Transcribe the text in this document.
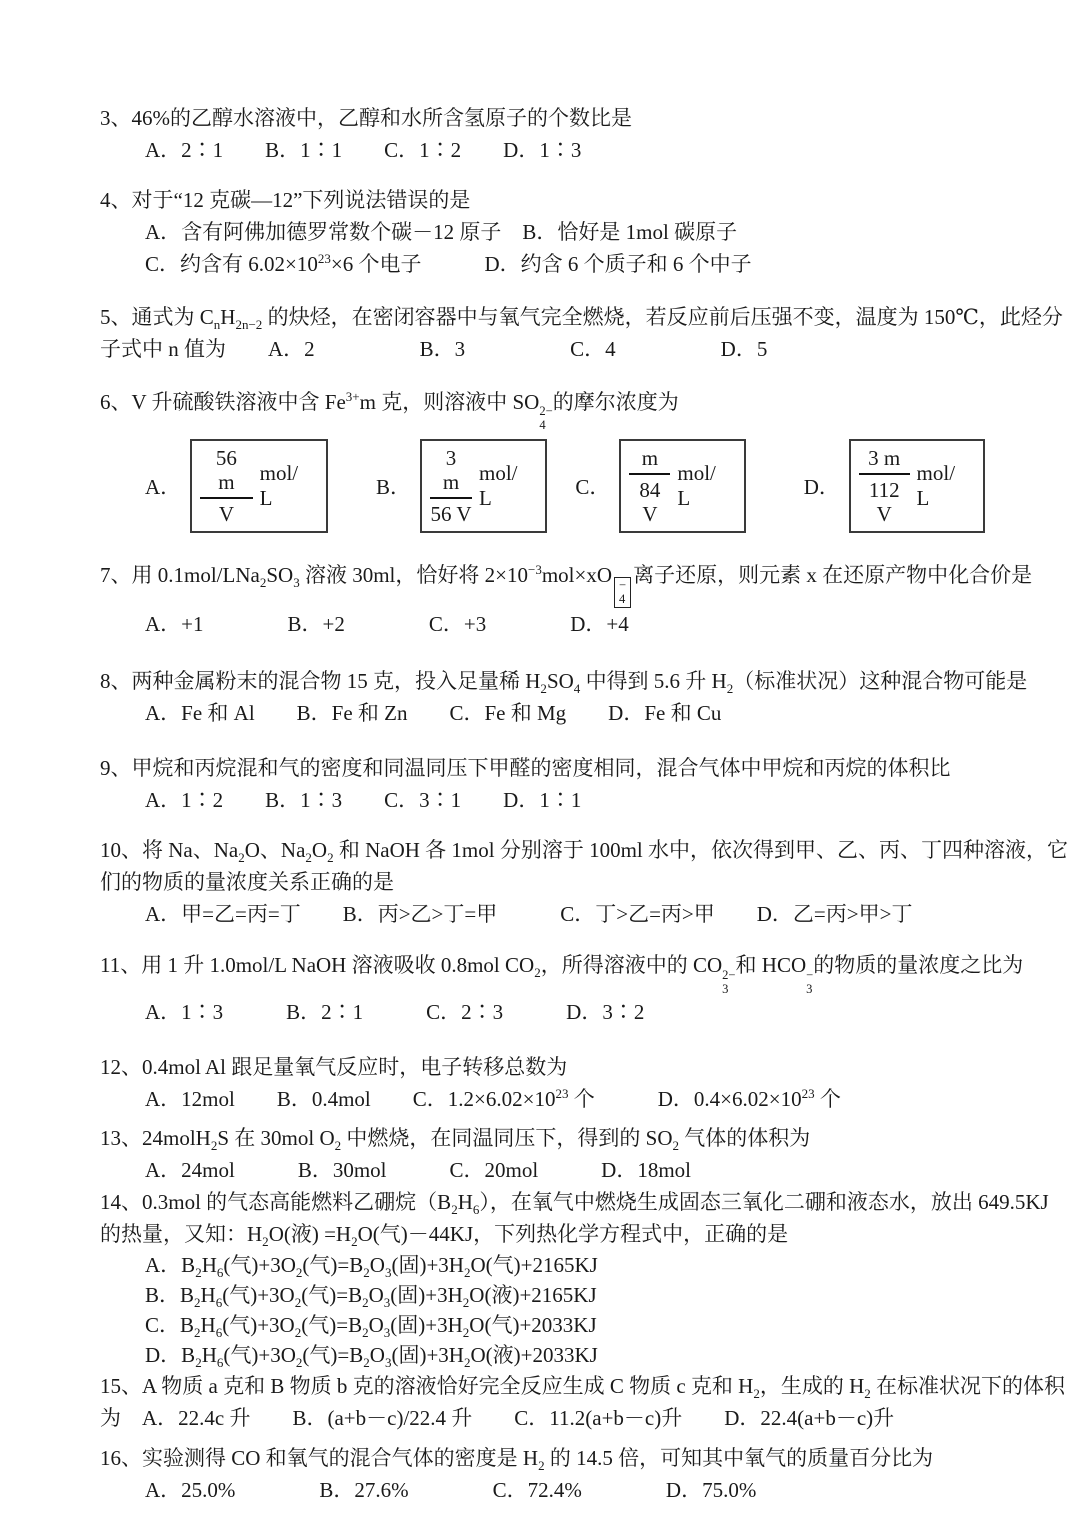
3、46%的乙醇水溶液中，乙醇和水所含氢原子的个数比是
A．2∶1　　B．1∶1　　C．1∶2　　D．1∶3
4、对于“12 克碳—12”下列说法错误的是
A．含有阿佛加德罗常数个碳－12 原子　B．恰好是 1mol 碳原子
C．约含有 $6.02\times 10^{23}\times 6$ 个电子　　　D．约含 6 个质子和 6 个中子
5、通式为 $C_nH_{2n-2}$ 的炔烃，在密闭容器中与氧气完全燃烧，若反应前后压强不变，温度为 150℃，此烃分
子式中 n 值为　　A．2　　　　　B．3　　　　　C．4　　　　　D．5
6、V 升硫酸铁溶液中含 $Fe^{3+}m$ 克，则溶液中 SO 2−
4
的摩尔浓度为
A． $\frac{56 m}{V} mol/$ L	B． $\frac{3 m}{56 V} mol/$ L	C． $\frac{m}{84 V} mol/$ L	D． $\frac{3 m}{112 V} mol/$ L
7、用 $0.1mol/LNa_2SO_3$ 溶液 30ml，恰好将 $2\times 10^{-3}mol\times xO$ −
4
离子还原，则元素 x 在还原产物中化合价是
A．+1　　　　B．+2　　　　C．+3　　　　D．+4
8、两种金属粉末的混合物 15 克，投入足量稀 $H_2SO_4$ 中得到 5.6 升 $H_2$（标准状况）这种混合物可能是
A．Fe 和 Al　　B．Fe 和 Zn　　C．Fe 和 Mg　　D．Fe 和 Cu
9、甲烷和丙烷混和气的密度和同温同压下甲醛的密度相同，混合气体中甲烷和丙烷的体积比
A．1∶2　　B．1∶3　　C．3∶1　　D．1∶1
10、将 Na、$Na_2O$、$Na_2O_2$ 和 NaOH 各 1mol 分别溶于 100ml 水中，依次得到甲、乙、丙、丁四种溶液，它
们的物质的量浓度关系正确的是
A．甲=乙=丙=丁　　B．丙>乙>丁=甲　　　C．丁>乙=丙>甲　　D．乙=丙>甲>丁
11、用 1 升 1.0mol/L NaOH 溶液吸收 0.8mol $CO_2$，所得溶液中的 CO 2−
3
和 HCO −
3
的物质的量浓度之比为
A．1∶3　　　B．2∶1　　　C．2∶3　　　D．3∶2
12、0.4mol Al 跟足量氧气反应时，电子转移总数为
A．12mol　　B．0.4mol　　C．$1.2\times 6.02\times 10^{23}$ 个　　　D．$0.4\times 6.02\times 10^{23}$ 个
13、24molH$_2$S 在 30mol $O_2$ 中燃烧，在同温同压下，得到的 $SO_2$ 气体的体积为
A．24mol　　　B．30mol　　　C．20mol　　　D．18mol
14、0.3mol 的气态高能燃料乙硼烷$(B_2H_6)$，在氧气中燃烧生成固态三氧化二硼和液态水，放出 649.5KJ
的热量，又知：$H_2O$(液) $=H_2O$(气)－44KJ，下列热化学方程式中，正确的是
A．$B_2H_6$(气)$+3O_2$(气)$=B_2O_3$(固)$+3H_2O$(气)+2165KJ
B．$B_2H_6$(气)$+3O_2$(气)$=B_2O_3$(固)$+3H_2O$(液)+2165KJ
C．$B_2H_6$(气)$+3O_2$(气)$=B_2O_3$(固)$+3H_2O$(气)+2033KJ
D．$B_2H_6$(气)$+3O_2$(气)$=B_2O_3$(固)$+3H_2O$(液)+2033KJ
15、A 物质 a 克和 B 物质 b 克的溶液恰好完全反应生成 C 物质 c 克和 $H_2$，生成的 $H_2$ 在标准状况下的体积
为　A．22.4c 升　　B．(a+b－c)/22.4 升　　C．11.2(a+b－c)升　　D．22.4(a+b－c)升
16、实验测得 CO 和氧气的混合气体的密度是 $H_2$ 的 14.5 倍，可知其中氧气的质量百分比为
A．25.0%　　　　B．27.6%　　　　C．72.4%　　　　D．75.0%
